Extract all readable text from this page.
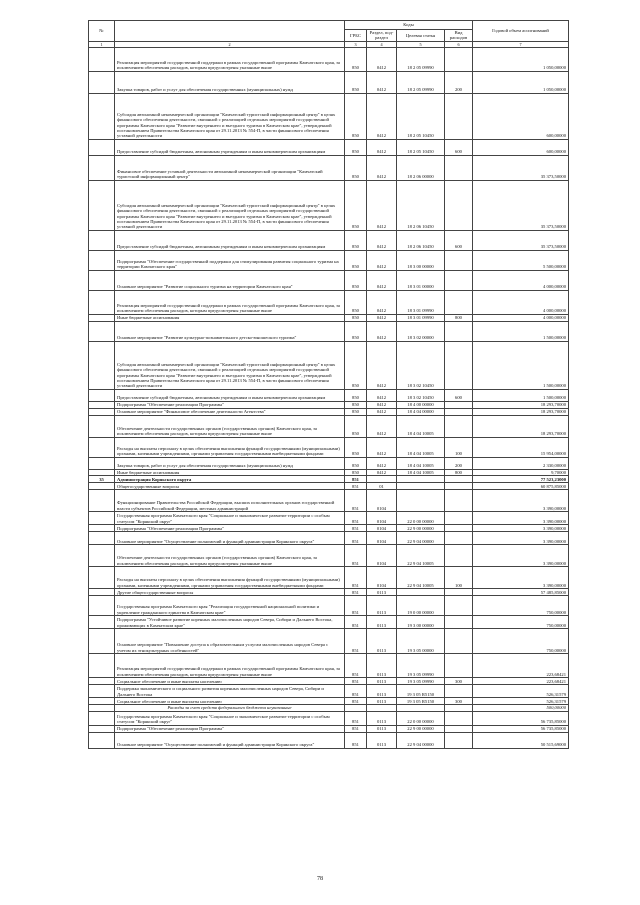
№		Коды				Годовой объем ассигнований
		ГРБС	Раздел, под-раздел	Целевая статья	Вид расходов	
1	2	3	4	5	6	7
	Реализация мероприятий государственной поддержки в рамках государственной программы Камчатского края, за исключением обеспечения расходов, которым предусмотрены указанные выше	850	0412	18 2 05 09990		1 050,00000
	Закупка товаров, работ и услуг для обеспечения государственных (муниципальных) нужд	850	0412	18 2 05 09990	200	1 050,00000
	Субсидия автономной некоммерческой организации "Камчатский туристский информационный центр" в целях финансового обеспечения деятельности, связанной с реализацией отдельных мероприятий государственной программы Камчатского края "Развитие внутреннего и въездного туризма в Камчатском крае", утвержденной постановлением Правительства Камчатского края от 29.11.2013 № 554-П, в части финансового обеспечения уставной деятельности	850	0412	18 2 05 10450		600,00000
	Предоставление субсидий бюджетным, автономным учреждениям и иным некоммерческим организациям	850	0412	18 2 05 10450	600	600,00000
	Финансовое обеспечение уставной деятельности автономной некоммерческой организации "Камчатский туристский информационный центр"	850	0412	18 2 06 00000		35 373,50000
	Субсидия автономной некоммерческой организации "Камчатский туристский информационный центр" в целях финансового обеспечения деятельности, связанной с реализацией отдельных мероприятий государственной программы Камчатского края "Развитие внутреннего и въездного туризма в Камчатском крае", утвержденной постановлением Правительства Камчатского края от 29.11.2013 № 554-П, в части финансового обеспечения уставной деятельности	850	0412	18 2 06 10450		35 373,50000
	Предоставление субсидий бюджетным, автономным учреждениям и иным некоммерческим организациям	850	0412	18 2 06 10450	600	35 373,50000
	Подпрограмма "Обеспечение государственной поддержки для стимулирования развития социального туризма на территории Камчатского края"	850	0412	18 3 00 00000		5 500,00000
	Основное мероприятие "Развитие социального туризма на территории Камчатского края"	850	0412	18 3 01 00000		4 000,00000
	Реализация мероприятий государственной поддержки в рамках государственной программы Камчатского края, за исключением обеспечения расходов, которым предусмотрены указанные выше	850	0412	18 3 01 09990		4 000,00000
	Иные бюджетные ассигнования	850	0412	18 3 01 09990	800	4 000,00000
	Основное мероприятие "Развитие культурно-познавательного детско-юношеского туризма"	850	0412	18 3 02 00000		1 500,00000
	Субсидия автономной некоммерческой организации "Камчатский туристский информационный центр" в целях финансового обеспечения деятельности, связанной с реализацией отдельных мероприятий государственной программы Камчатского края "Развитие внутреннего и въездного туризма в Камчатском крае", утвержденной постановлением Правительства Камчатского края от 29.11.2013 № 554-П, в части финансового обеспечения уставной деятельности	850	0412	18 3 02 10450		1 500,00000
	Предоставление субсидий бюджетным, автономным учреждениям и иным некоммерческим организациям	850	0412	18 3 02 10450	600	1 500,00000
	Подпрограмма "Обеспечение реализации Программы"	850	0412	18 4 00 00000		18 293,70000
	Основное мероприятие "Финансовое обеспечение деятельности Агентства"	850	0412	18 4 04 00000		18 293,70000
	Обеспечение деятельности государственных органов (государственных органов) Камчатского края, за исключением обеспечения расходов, которым предусмотрены указанные выше	850	0412	18 4 04 10005		18 293,70000
	Расходы на выплаты персоналу в целях обеспечения выполнения функций государственными (муниципальными) органами, казенными учреждениями, органами управления государственными внебюджетными фондами	850	0412	18 4 04 10005	100	15 954,00000
	Закупка товаров, работ и услуг для обеспечения государственных (муниципальных) нужд	850	0412	18 4 04 10005	200	2 330,00000
	Иные бюджетные ассигнования	850	0412	18 4 04 10005	800	9,70000
35	Администрация Корякского округа	851				77 523,23000
	Общегосударственные вопросы	851	01			60 875,85000
	Функционирование Правительства Российской Федерации, высших исполнительных органов государственной власти субъектов Российской Федерации, местных администраций	851	0104			3 390,00000
	Государственная программа Камчатского края "Социальное и экономическое развитие территории с особым статусом "Корякский округ"	851	0104	22 0 00 00000		3 390,00000
	Подпрограмма "Обеспечение реализации Программы"	851	0104	22 9 00 00000		3 390,00000
	Основное мероприятие "Осуществление полномочий и функций администрации Корякского округа"	851	0104	22 9 04 00000		3 390,00000
	Обеспечение деятельности государственных органов (государственных органов) Камчатского края, за исключением обеспечения расходов, которым предусмотрены указанные выше	851	0104	22 9 04 10005		3 390,00000
	Расходы на выплаты персоналу в целях обеспечения выполнения функций государственными (муниципальными) органами, казенными учреждениями, органами управления государственными внебюджетными фондами	851	0104	22 9 04 10005	100	3 390,00000
	Другие общегосударственные вопросы	851	0113			57 485,85000
	Государственная программа Камчатского края "Реализация государственной национальной политики и укрепление гражданского единства в Камчатском крае"	851	0113	19 0 00 00000		750,00000
	Подпрограмма "Устойчивое развитие коренных малочисленных народов Севера, Сибири и Дальнего Востока, проживающих в Камчатском крае"	851	0113	19 3 00 00000		750,00000
	Основное мероприятие "Повышение доступа к образовательным услугам малочисленных народов Севера с учетом их этнокультурных особенностей"	851	0113	19 3 05 00000		750,00000
	Реализация мероприятий государственной поддержки в рамках государственной программы Камчатского края, за исключением обеспечения расходов, которым предусмотрены указанные выше	851	0113	19 3 05 09990		223,68421
	Социальное обеспечение и иные выплаты населению	851	0113	19 3 05 09990	300	223,68421
	Поддержка экономического и социального развития коренных малочисленных народов Севера, Сибири и Дальнего Востока	851	0113	19 3 05 R5150		526,31579
	Социальное обеспечение и иные выплаты населению	851	0113	19 3 05 R5150	300	526,31579
	Расходы за счет средств федерального бюджета неуказанные					500,00000
	Государственная программа Камчатского края "Социальное и экономическое развитие территории с особым статусом "Корякский округ"	851	0113	22 0 00 00000		56 735,85000
	Подпрограмма "Обеспечение реализации Программы"	851	0113	22 9 00 00000		56 735,85000
	Основное мероприятие "Осуществление полномочий и функций администрации Корякского округа"	851	0113	22 9 04 00000		50 515,69000
78
